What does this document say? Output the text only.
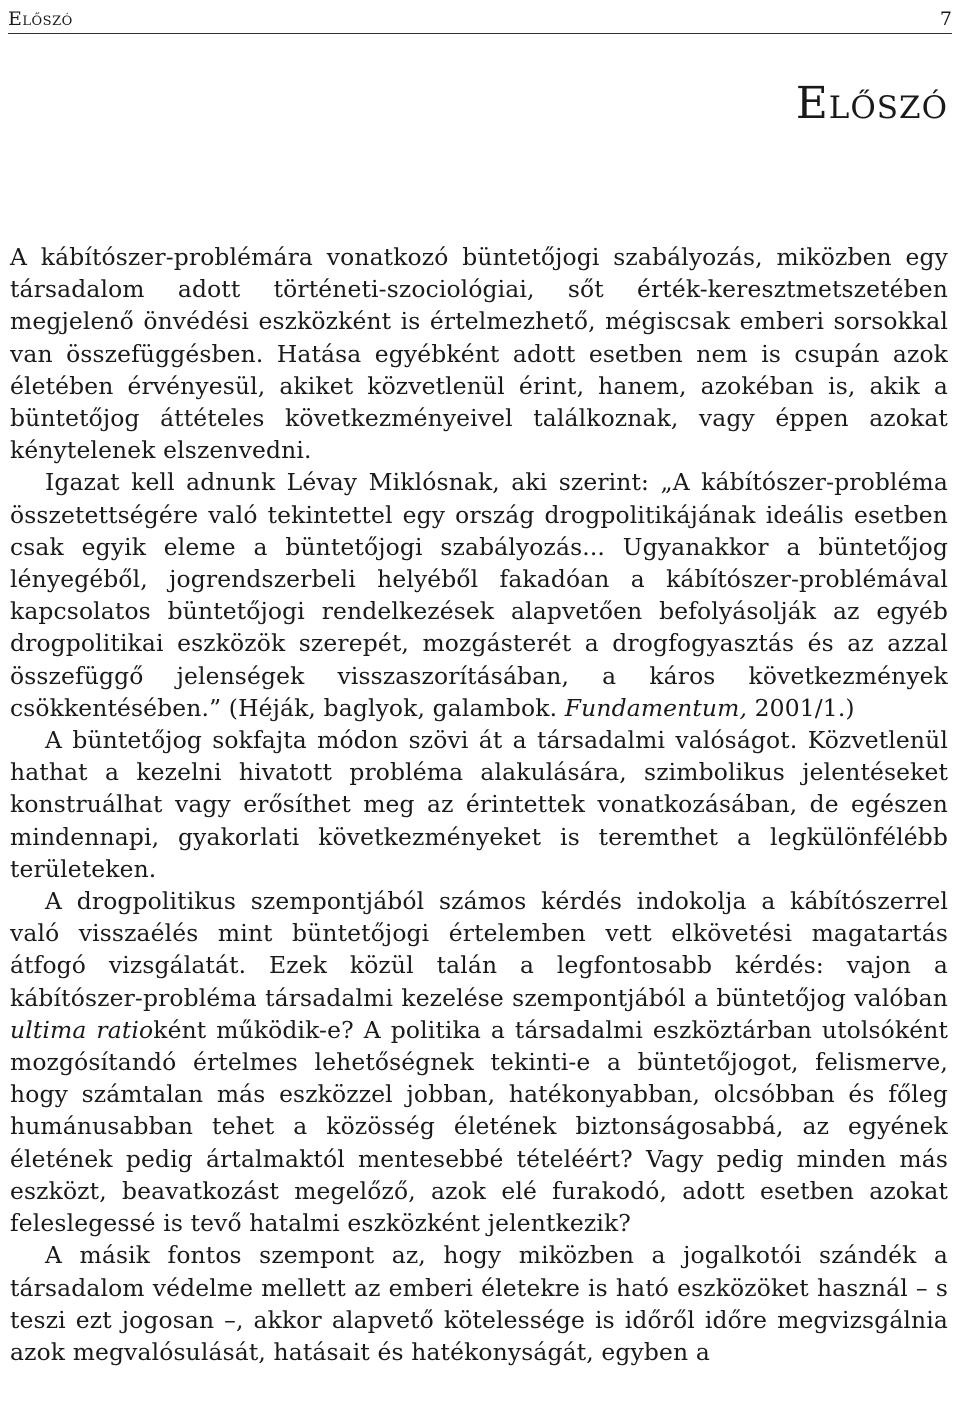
Előszó	7
Előszó

A kábítószer-problémára vonatkozó büntetőjogi szabályozás, miközben egy társadalom adott történeti-szociológiai, sőt érték-keresztmetszetében megjelenő önvédési eszközként is értelmezhető, mégiscsak emberi sorsokkal van összefüggésben. Hatása egyébként adott esetben nem is csupán azok életében érvényesül, akiket közvetlenül érint, hanem, azokéban is, akik a büntetőjog áttételes következményeivel találkoznak, vagy éppen azokat kénytelenek elszenvedni.

Igazat kell adnunk Lévay Miklósnak, aki szerint: „A kábítószer-probléma összetettségére való tekintettel egy ország drogpolitikájának ideális esetben csak egyik eleme a büntetőjogi szabályozás... Ugyanakkor a büntetőjog lényegéből, jogrendszerbeli helyéből fakadóan a kábítószer-problémával kapcsolatos büntetőjogi rendelkezések alapvetően befolyásolják az egyéb drogpolitikai eszközök szerepét, mozgásterét a drogfogyasztás és az azzal összefüggő jelenségek visszaszorításában, a káros következmények csökkentésében.” (Héják, baglyok, galambok. Fundamentum, 2001/1.)

A büntetőjog sokfajta módon szövi át a társadalmi valóságot. Közvetlenül hathat a kezelni hivatott probléma alakulására, szimbolikus jelentéseket konstruálhat vagy erősíthet meg az érintettek vonatkozásában, de egészen mindennapi, gyakorlati következményeket is teremthet a legkülönfélébb területeken.

A drogpolitikus szempontjából számos kérdés indokolja a kábítószerrel való visszaélés mint büntetőjogi értelemben vett elkövetési magatartás átfogó vizsgálatát. Ezek közül talán a legfontosabb kérdés: vajon a kábítószer-probléma társadalmi kezelése szempontjából a büntetőjog valóban ultima ratioként működik-e? A politika a társadalmi eszköztárban utolsóként mozgósítandó értelmes lehetőségnek tekinti-e a büntetőjogot, felismerve, hogy számtalan más eszközzel jobban, hatékonyabban, olcsóbban és főleg humánusabban tehet a közösség életének biztonságosabbá, az egyének életének pedig ártalmaktól mentesebbé tételéért? Vagy pedig minden más eszközt, beavatkozást megelőző, azok elé furakodó, adott esetben azokat feleslegessé is tevő hatalmi eszközként jelentkezik?

A másik fontos szempont az, hogy miközben a jogalkotói szándék a társadalom védelme mellett az emberi életekre is ható eszközöket használ – s teszi ezt jogosan –, akkor alapvető kötelessége is időről időre megvizsgálnia azok megvalósulását, hatásait és hatékonyságát, egyben a
